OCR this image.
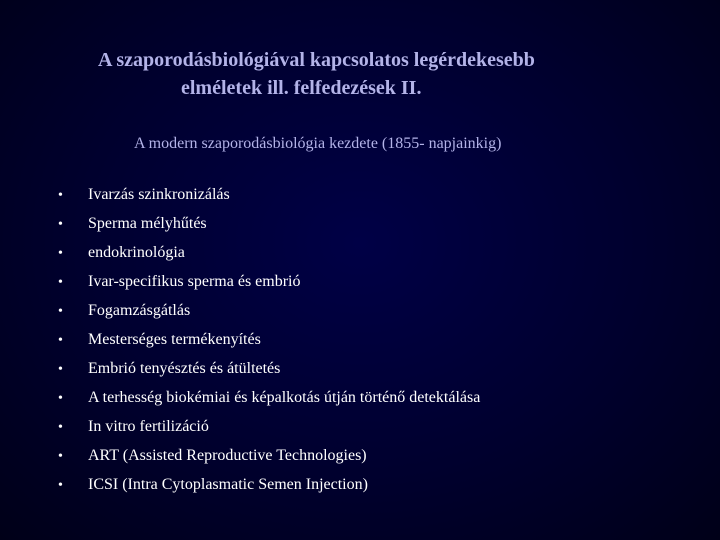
A szaporodásbiológiával kapcsolatos legérdekesebb
elméletek ill. felfedezések II.

A modern szaporodásbiológia kezdete (1855- napjainkig)

•	Ivarzás szinkronizálás
•	Sperma mélyhűtés
•	endokrinológia
•	Ivar-specifikus sperma és embrió
•	Fogamzásgátlás
•	Mesterséges termékenyítés
•	Embrió tenyésztés és átültetés
•	A terhesség biokémiai és képalkotás útján történő detektálása
•	In vitro fertilizáció
•	ART (Assisted Reproductive Technologies)
•	ICSI (Intra Cytoplasmatic Semen Injection)
